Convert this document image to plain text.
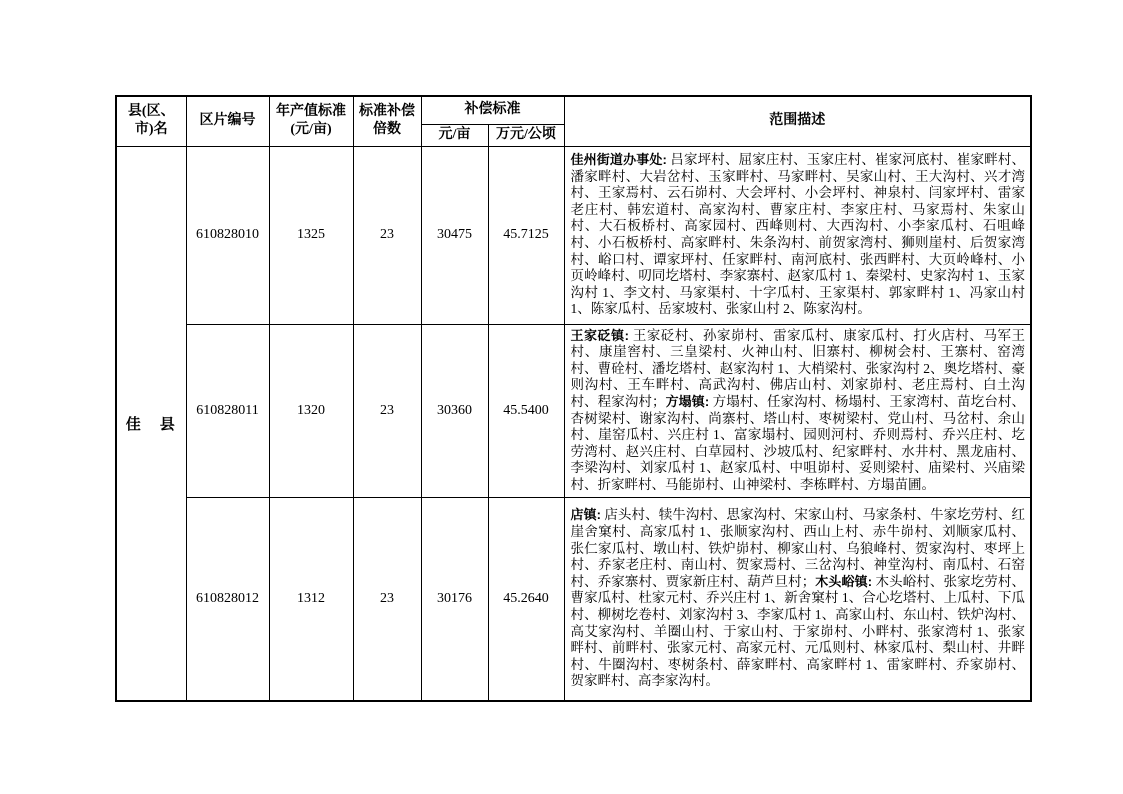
县(区、市)名	区片编号	年产值标准(元/亩)	标准补偿倍数	补偿标准		范围描述
				元/亩	万元/公顷	
佳　县	610828010	1325	23	30475	45.7125	佳州街道办事处: 吕家坪村、屈家庄村、玉家庄村、崔家河底村、崔家畔村、潘家畔村、大岩岔村、玉家畔村、马家畔村、吴家山村、王大沟村、兴才湾村、王家焉村、云石峁村、大会坪村、小会坪村、神泉村、闫家坪村、雷家老庄村、韩宏道村、高家沟村、曹家庄村、李家庄村、马家焉村、朱家山村、大石板桥村、高家园村、西峰则村、大西沟村、小李家瓜村、石咀峰村、小石板桥村、高家畔村、朱条沟村、前贺家湾村、狮则崖村、后贺家湾村、峪口村、谭家坪村、任家畔村、南河底村、张西畔村、大页岭峰村、小页岭峰村、叨同圪塔村、李家寨村、赵家瓜村 1、秦梁村、史家沟村 1、玉家沟村 1、李文村、马家渠村、十字瓜村、王家渠村、郭家畔村 1、冯家山村 1、陈家瓜村、岳家坡村、张家山村 2、陈家沟村。
	610828011	1320	23	30360	45.5400	王家砭镇: 王家砭村、孙家峁村、雷家瓜村、康家瓜村、打火店村、马军王村、康崖窖村、三皇梁村、火神山村、旧寨村、柳树会村、王寨村、窑湾村、曹硂村、潘圪塔村、赵家沟村 1、大梢梁村、张家沟村 2、奥圪塔村、豪则沟村、王车畔村、高武沟村、佛店山村、刘家峁村、老庄焉村、白土沟村、程家沟村；方塌镇: 方塌村、任家沟村、杨塌村、王家湾村、苗圪台村、杏树梁村、谢家沟村、尚寨村、塔山村、枣树梁村、党山村、马岔村、余山村、崖窑瓜村、兴庄村 1、富家塌村、园则河村、乔则焉村、乔兴庄村、圪劳湾村、赵兴庄村、白草园村、沙坡瓜村、纪家畔村、水井村、黑龙庙村、李梁沟村、刘家瓜村 1、赵家瓜村、中咀峁村、妥则梁村、庙梁村、兴庙梁村、折家畔村、马能峁村、山神梁村、李栋畔村、方塌苗圃。
	610828012	1312	23	30176	45.2640	店镇: 店头村、犊牛沟村、思家沟村、宋家山村、马家条村、牛家圪劳村、红崖舍窠村、高家瓜村 1、张顺家沟村、西山上村、赤牛峁村、刘顺家瓜村、张仁家瓜村、墩山村、铁炉峁村、柳家山村、乌狼峰村、贺家沟村、枣坪上村、乔家老庄村、南山村、贺家焉村、三岔沟村、神堂沟村、南瓜村、石窑村、乔家寨村、贾家新庄村、葫芦旦村；木头峪镇: 木头峪村、张家圪劳村、曹家瓜村、杜家元村、乔兴庄村 1、新舍窠村 1、合心圪塔村、上瓜村、下瓜村、柳树圪卷村、刘家沟村 3、李家瓜村 1、高家山村、东山村、铁炉沟村、高艾家沟村、羊圈山村、于家山村、于家峁村、小畔村、张家湾村 1、张家畔村、前畔村、张家元村、高家元村、元瓜则村、林家瓜村、梨山村、井畔村、牛圈沟村、枣树条村、薛家畔村、高家畔村 1、雷家畔村、乔家峁村、贺家畔村、高李家沟村。
